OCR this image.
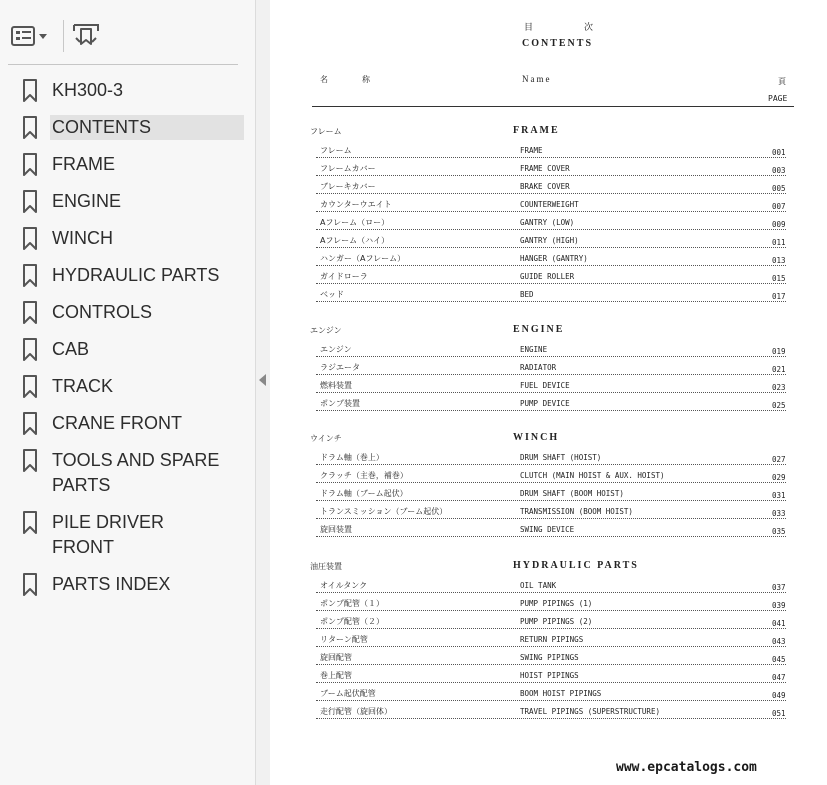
KH300-3
CONTENTS
FRAME
ENGINE
WINCH
HYDRAULIC PARTS
CONTROLS
CAB
TRACK
CRANE FRONT
TOOLS AND SPARE PARTS
PILE DRIVER FRONT
PARTS INDEX
目　　　次
CONTENTS
名　　称	Name	頁
PAGE
フレーム	FRAME
フレーム	FRAME	001
フレームカバー	FRAME COVER	003
ブレーキカバー	BRAKE COVER	005
カウンターウエイト	COUNTERWEIGHT	007
Aフレーム（ロー）	GANTRY (LOW)	009
Aフレーム（ハイ）	GANTRY (HIGH)	011
ハンガー（Aフレーム）	HANGER (GANTRY)	013
ガイドローラ	GUIDE ROLLER	015
ベッド	BED	017
エンジン	ENGINE
エンジン	ENGINE	019
ラジエータ	RADIATOR	021
燃料装置	FUEL DEVICE	023
ポンプ装置	PUMP DEVICE	025
ウインチ	WINCH
ドラム軸（巻上）	DRUM SHAFT (HOIST)	027
クラッチ（主巻，補巻）	CLUTCH (MAIN HOIST & AUX. HOIST)	029
ドラム軸（ブーム起伏）	DRUM SHAFT (BOOM HOIST)	031
トランスミッション（ブーム起伏）	TRANSMISSION (BOOM HOIST)	033
旋回装置	SWING DEVICE	035
油圧装置	HYDRAULIC PARTS
オイルタンク	OIL TANK	037
ポンプ配管（１）	PUMP PIPINGS (1)	039
ポンプ配管（２）	PUMP PIPINGS (2)	041
リターン配管	RETURN PIPINGS	043
旋回配管	SWING PIPINGS	045
巻上配管	HOIST PIPINGS	047
ブーム起伏配管	BOOM HOIST PIPINGS	049
走行配管（旋回体）	TRAVEL PIPINGS (SUPERSTRUCTURE)	051
www.epcatalogs.com
